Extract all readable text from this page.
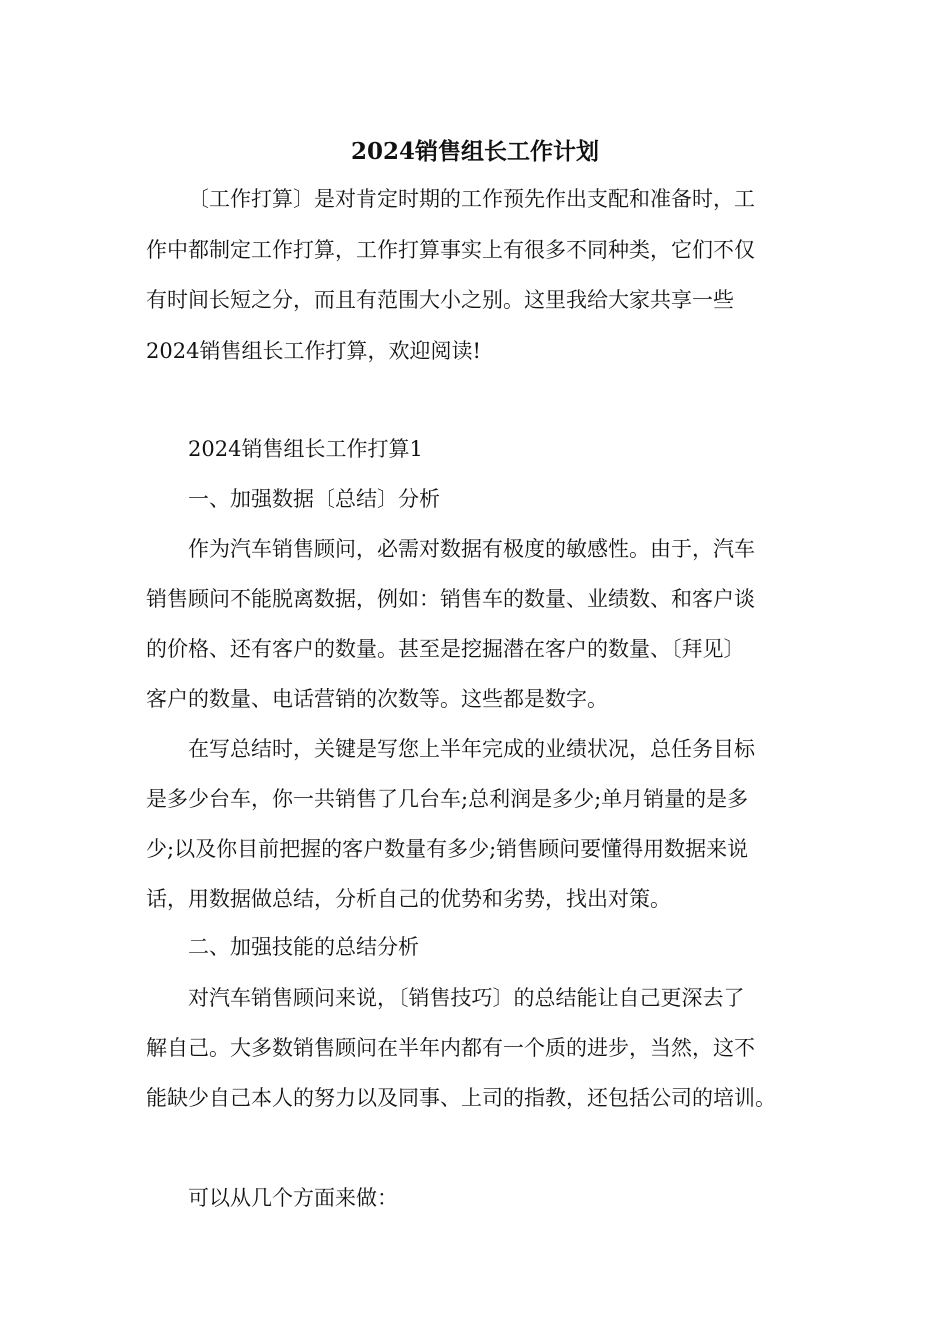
2024销售组长工作计划
〔工作打算〕是对肯定时期的工作预先作出支配和准备时，工
作中都制定工作打算，工作打算事实上有很多不同种类，它们不仅
有时间长短之分，而且有范围大小之别。这里我给大家共享一些
2024销售组长工作打算，欢迎阅读!
2024销售组长工作打算1
一、加强数据〔总结〕分析
作为汽车销售顾问，必需对数据有极度的敏感性。由于，汽车
销售顾问不能脱离数据，例如：销售车的数量、业绩数、和客户谈
的价格、还有客户的数量。甚至是挖掘潜在客户的数量、〔拜见〕
客户的数量、电话营销的次数等。这些都是数字。
在写总结时，关键是写您上半年完成的业绩状况，总任务目标
是多少台车，你一共销售了几台车;总利润是多少;单月销量的是多
少;以及你目前把握的客户数量有多少;销售顾问要懂得用数据来说
话，用数据做总结，分析自己的优势和劣势，找出对策。
二、加强技能的总结分析
对汽车销售顾问来说，〔销售技巧〕的总结能让自己更深去了
解自己。大多数销售顾问在半年内都有一个质的进步，当然，这不
能缺少自己本人的努力以及同事、上司的指教，还包括公司的培训。
可以从几个方面来做：
